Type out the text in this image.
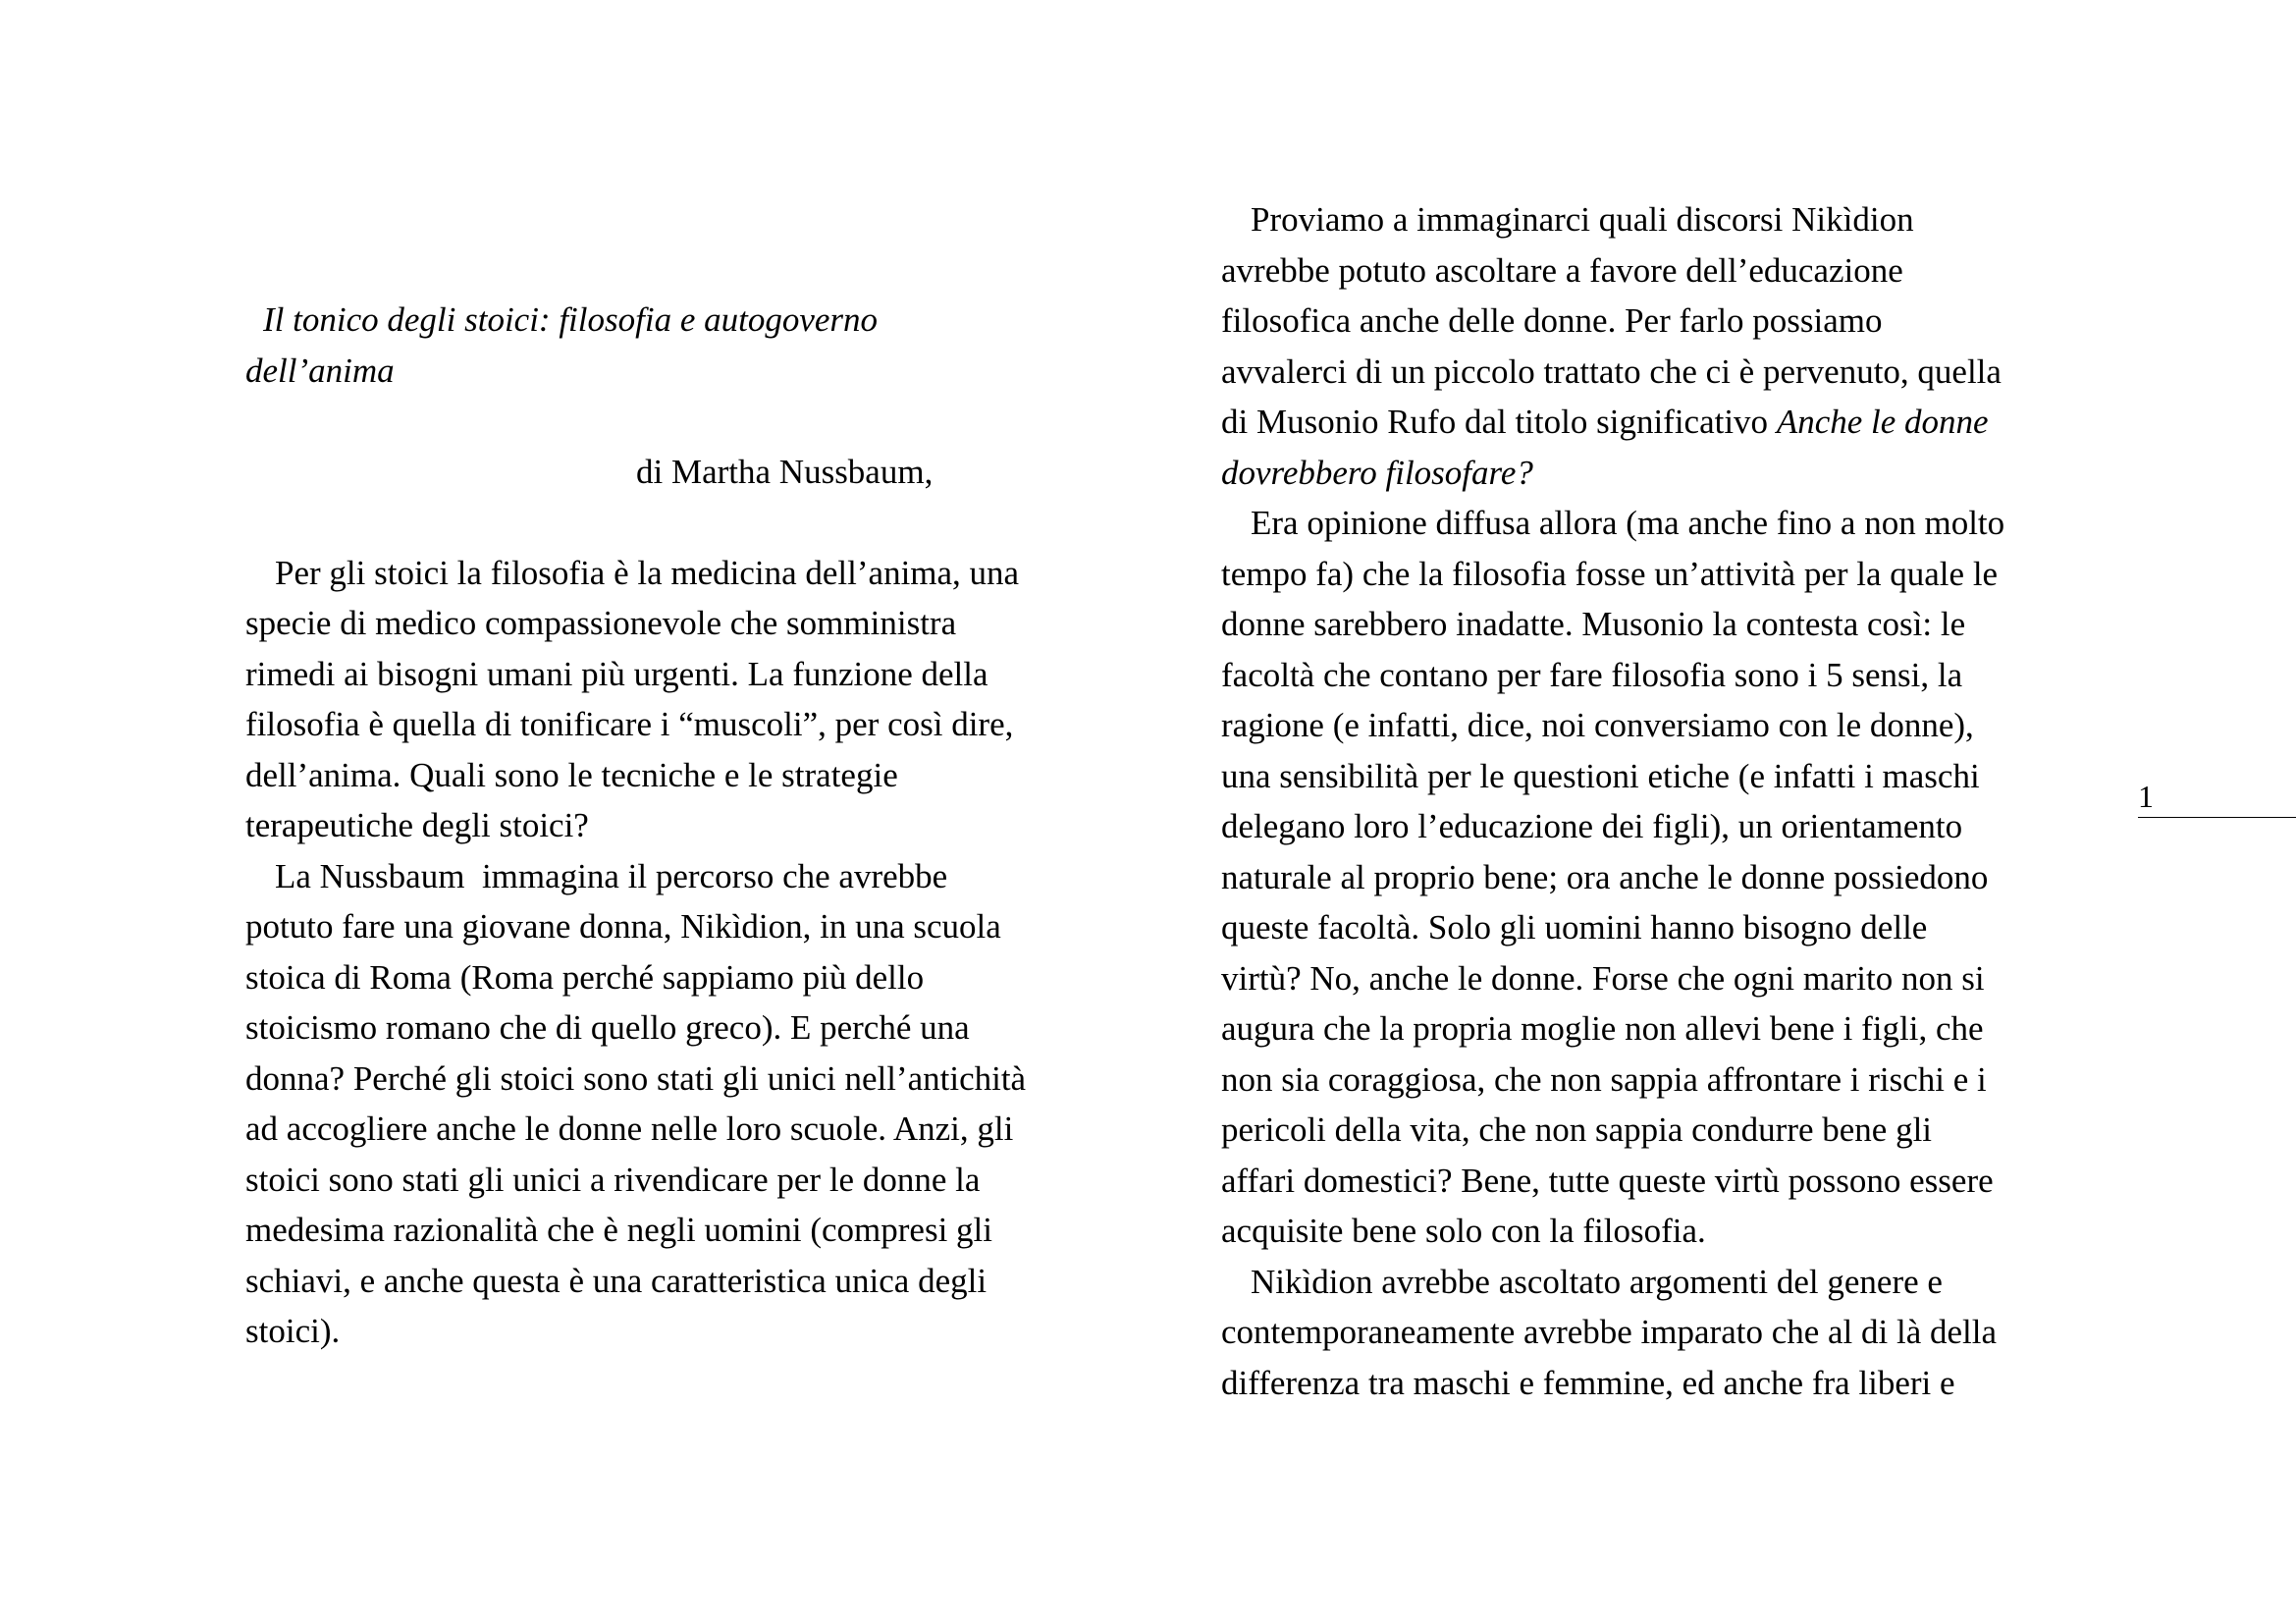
Il tonico degli stoici: filosofia e autogoverno
dell’anima
di Martha Nussbaum,
Per gli stoici la filosofia è la medicina dell’anima, una
specie di medico compassionevole che somministra
rimedi ai bisogni umani più urgenti. La funzione della
filosofia è quella di tonificare i “muscoli”, per così dire,
dell’anima. Quali sono le tecniche e le strategie
terapeutiche degli stoici?
La Nussbaum  immagina il percorso che avrebbe
potuto fare una giovane donna, Nikìdion, in una scuola
stoica di Roma (Roma perché sappiamo più dello
stoicismo romano che di quello greco). E perché una
donna? Perché gli stoici sono stati gli unici nell’antichità
ad accogliere anche le donne nelle loro scuole. Anzi, gli
stoici sono stati gli unici a rivendicare per le donne la
medesima razionalità che è negli uomini (compresi gli
schiavi, e anche questa è una caratteristica unica degli
stoici).
Proviamo a immaginarci quali discorsi Nikìdion
avrebbe potuto ascoltare a favore dell’educazione
filosofica anche delle donne. Per farlo possiamo
avvalerci di un piccolo trattato che ci è pervenuto, quella
di Musonio Rufo dal titolo significativo Anche le donne
dovrebbero filosofare?
Era opinione diffusa allora (ma anche fino a non molto
tempo fa) che la filosofia fosse un’attività per la quale le
donne sarebbero inadatte. Musonio la contesta così: le
facoltà che contano per fare filosofia sono i 5 sensi, la
ragione (e infatti, dice, noi conversiamo con le donne),
una sensibilità per le questioni etiche (e infatti i maschi
delegano loro l’educazione dei figli), un orientamento
naturale al proprio bene; ora anche le donne possiedono
queste facoltà. Solo gli uomini hanno bisogno delle
virtù? No, anche le donne. Forse che ogni marito non si
augura che la propria moglie non allevi bene i figli, che
non sia coraggiosa, che non sappia affrontare i rischi e i
pericoli della vita, che non sappia condurre bene gli
affari domestici? Bene, tutte queste virtù possono essere
acquisite bene solo con la filosofia.
Nikìdion avrebbe ascoltato argomenti del genere e
contemporaneamente avrebbe imparato che al di là della
differenza tra maschi e femmine, ed anche fra liberi e
1
